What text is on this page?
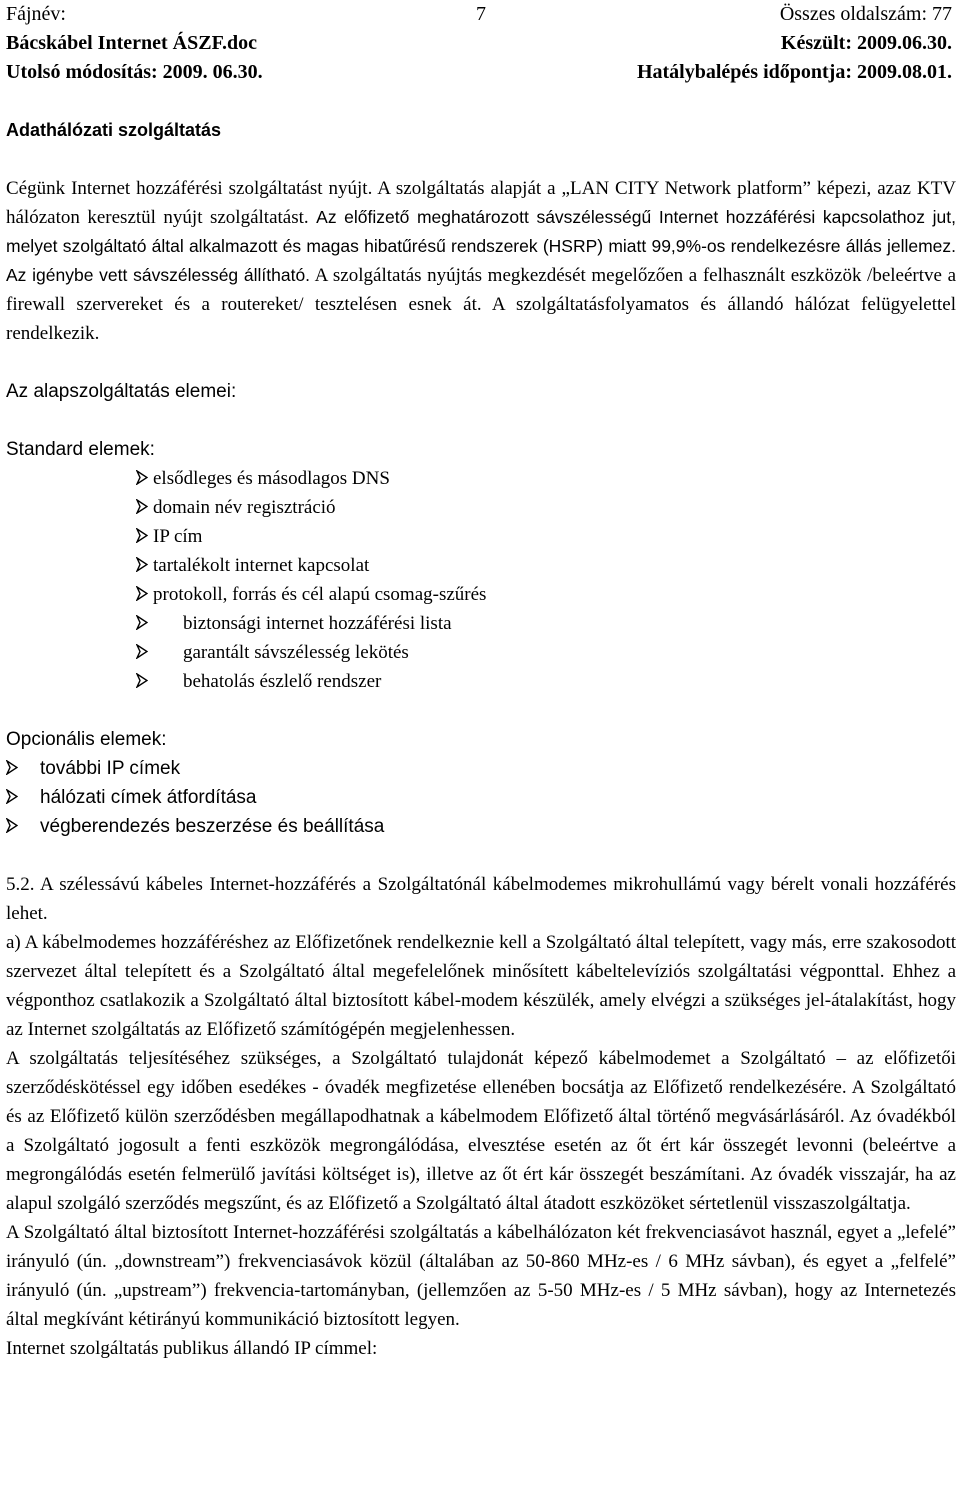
Fájnév:	7	Összes oldalszám: 77
Bácskábel Internet ÁSZF.doc	Készült: 2009.06.30.
Utolsó módosítás: 2009. 06.30.	Hatálybalépés időpontja: 2009.08.01.
Adathálózati szolgáltatás

Cégünk Internet hozzáférési szolgáltatást nyújt. A szolgáltatás alapját a „LAN CITY Network platform” képezi, azaz KTV hálózaton keresztül nyújt szolgáltatást. Az előfizető meghatározott sávszélességű Internet hozzáférési kapcsolathoz jut, melyet szolgáltató által alkalmazott és magas hibatűrésű rendszerek (HSRP) miatt 99,9%-os rendelkezésre állás jellemez. Az igénybe vett sávszélesség állítható. A szolgáltatás nyújtás megkezdését megelőzően a felhasznált eszközök /beleértve a firewall szervereket és a routereket/ tesztelésen esnek át. A szolgáltatásfolyamatos és állandó hálózat felügyelettel rendelkezik.

Az alapszolgáltatás elemei:
Standard elemek:
elsődleges és másodlagos DNS
domain név regisztráció
IP cím
tartalékolt internet kapcsolat
protokoll, forrás és cél alapú csomag-szűrés
biztonsági internet hozzáférési lista
garantált sávszélesség lekötés
behatolás észlelő rendszer
Opcionális elemek:
további IP címek
hálózati címek átfordítása
végberendezés beszerzése és beállítása

5.2. A szélessávú kábeles Internet-hozzáférés a Szolgáltatónál kábelmodemes mikrohullámú vagy bérelt vonali hozzáférés lehet.

a) A kábelmodemes hozzáféréshez az Előfizetőnek rendelkeznie kell a Szolgáltató által telepített, vagy más, erre szakosodott szervezet által telepített és a Szolgáltató által megefelelőnek minősített kábeltelevíziós szolgáltatási végponttal. Ehhez a végponthoz csatlakozik a Szolgáltató által biztosított kábel-modem készülék, amely elvégzi a szükséges jel-átalakítást, hogy az Internet szolgáltatás az Előfizető számítógépén megjelenhessen.

A szolgáltatás teljesítéséhez szükséges, a Szolgáltató tulajdonát képező kábelmodemet a Szolgáltató – az előfizetői szerződéskötéssel egy időben esedékes - óvadék megfizetése ellenében bocsátja az Előfizető rendelkezésére. A Szolgáltató és az Előfizető külön szerződésben megállapodhatnak a kábelmodem Előfizető által történő megvásárlásáról. Az óvadékból a Szolgáltató jogosult a fenti eszközök megrongálódása, elvesztése esetén az őt ért kár összegét levonni (beleértve a megrongálódás esetén felmerülő javítási költséget is), illetve az őt ért kár összegét beszámítani. Az óvadék visszajár, ha az alapul szolgáló szerződés megszűnt, és az Előfizető a Szolgáltató által átadott eszközöket sértetlenül visszaszolgáltatja.

A Szolgáltató által biztosított Internet-hozzáférési szolgáltatás a kábelhálózaton két frekvenciasávot használ, egyet a „lefelé” irányuló (ún. „downstream”) frekvenciasávok közül (általában az 50-860 MHz-es / 6 MHz sávban), és egyet a „felfelé” irányuló (ún. „upstream”) frekvencia-tartományban, (jellemzően az 5-50 MHz-es / 5 MHz sávban), hogy az Internetezés által megkívánt kétirányú kommunikáció biztosított legyen.

Internet szolgáltatás publikus állandó IP címmel:
